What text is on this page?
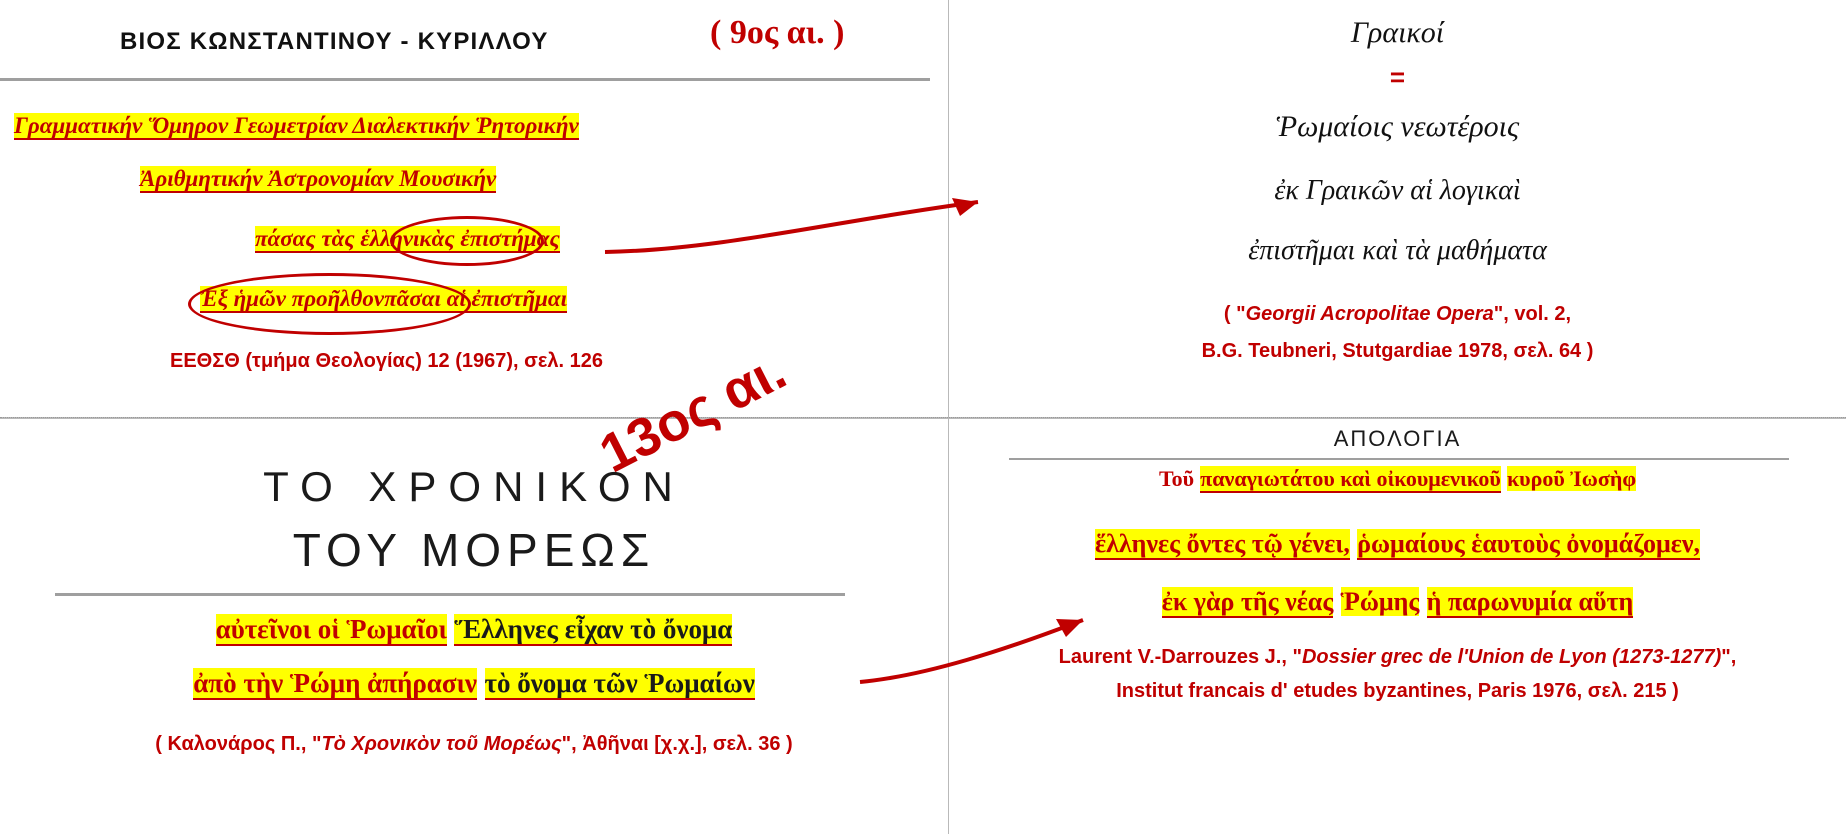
ΒΙΟΣ ΚΩΝΣΤΑΝΤΙΝΟΥ - ΚΥΡΙΛΛΟΥ	( 9ος αι. )
Γραμματικήν Ὅμηρον Γεωμετρίαν Διαλεκτικήν Ῥητορικήν
Ἀριθμητικήν Ἀστρονομίαν Μουσικήν
πάσας τὰς ἑλληνικὰς ἐπιστήμας
Ἐξ ἡμῶν προῆλθονπᾶσαι αἱ ἐπιστῆμαι
ΕΕΘΣΘ (τμήμα Θεολογίας) 12 (1967), σελ. 126
Γραικοί
=
Ῥωμαίοις νεωτέροις
ἐκ Γραικῶν αἱ λογικαὶ
ἐπιστῆμαι καὶ τὰ μαθήματα
( "Georgii Acropolitae Opera", vol. 2,
B.G. Teubneri, Stutgardiae 1978, σελ. 64 )
ΤΟ ΧΡΟΝΙΚΟΝ
ΤΟΥ ΜΟΡΕΩΣ
αὐτεῖνοι οἱ Ῥωμαῖοι Ἕλληνες εἶχαν τὸ ὄνομα
ἀπὸ τὴν Ῥώμη ἀπήρασιν τὸ ὄνομα τῶν Ῥωμαίων
( Καλονάρος Π., "Τὸ Χρονικὸν τοῦ Μορέως", Ἀθῆναι [χ.χ.], σελ. 36 )
13ος αι.	ΑΠΟΛΟΓΙΑ
Τοῦ παναγιωτάτου καὶ οἰκουμενικοῦ κυροῦ Ἰωσὴφ
ἕλληνες ὄντες τῷ γένει, ῥωμαίους ἑαυτοὺς ὀνομάζομεν,
ἐκ γὰρ τῆς νέας Ῥώμης ἡ παρωνυμία αὕτη
Laurent V.-Darrouzes J., "Dossier grec de l'Union de Lyon (1273-1277)",
Institut francais d' etudes byzantines, Paris 1976, σελ. 215 )
